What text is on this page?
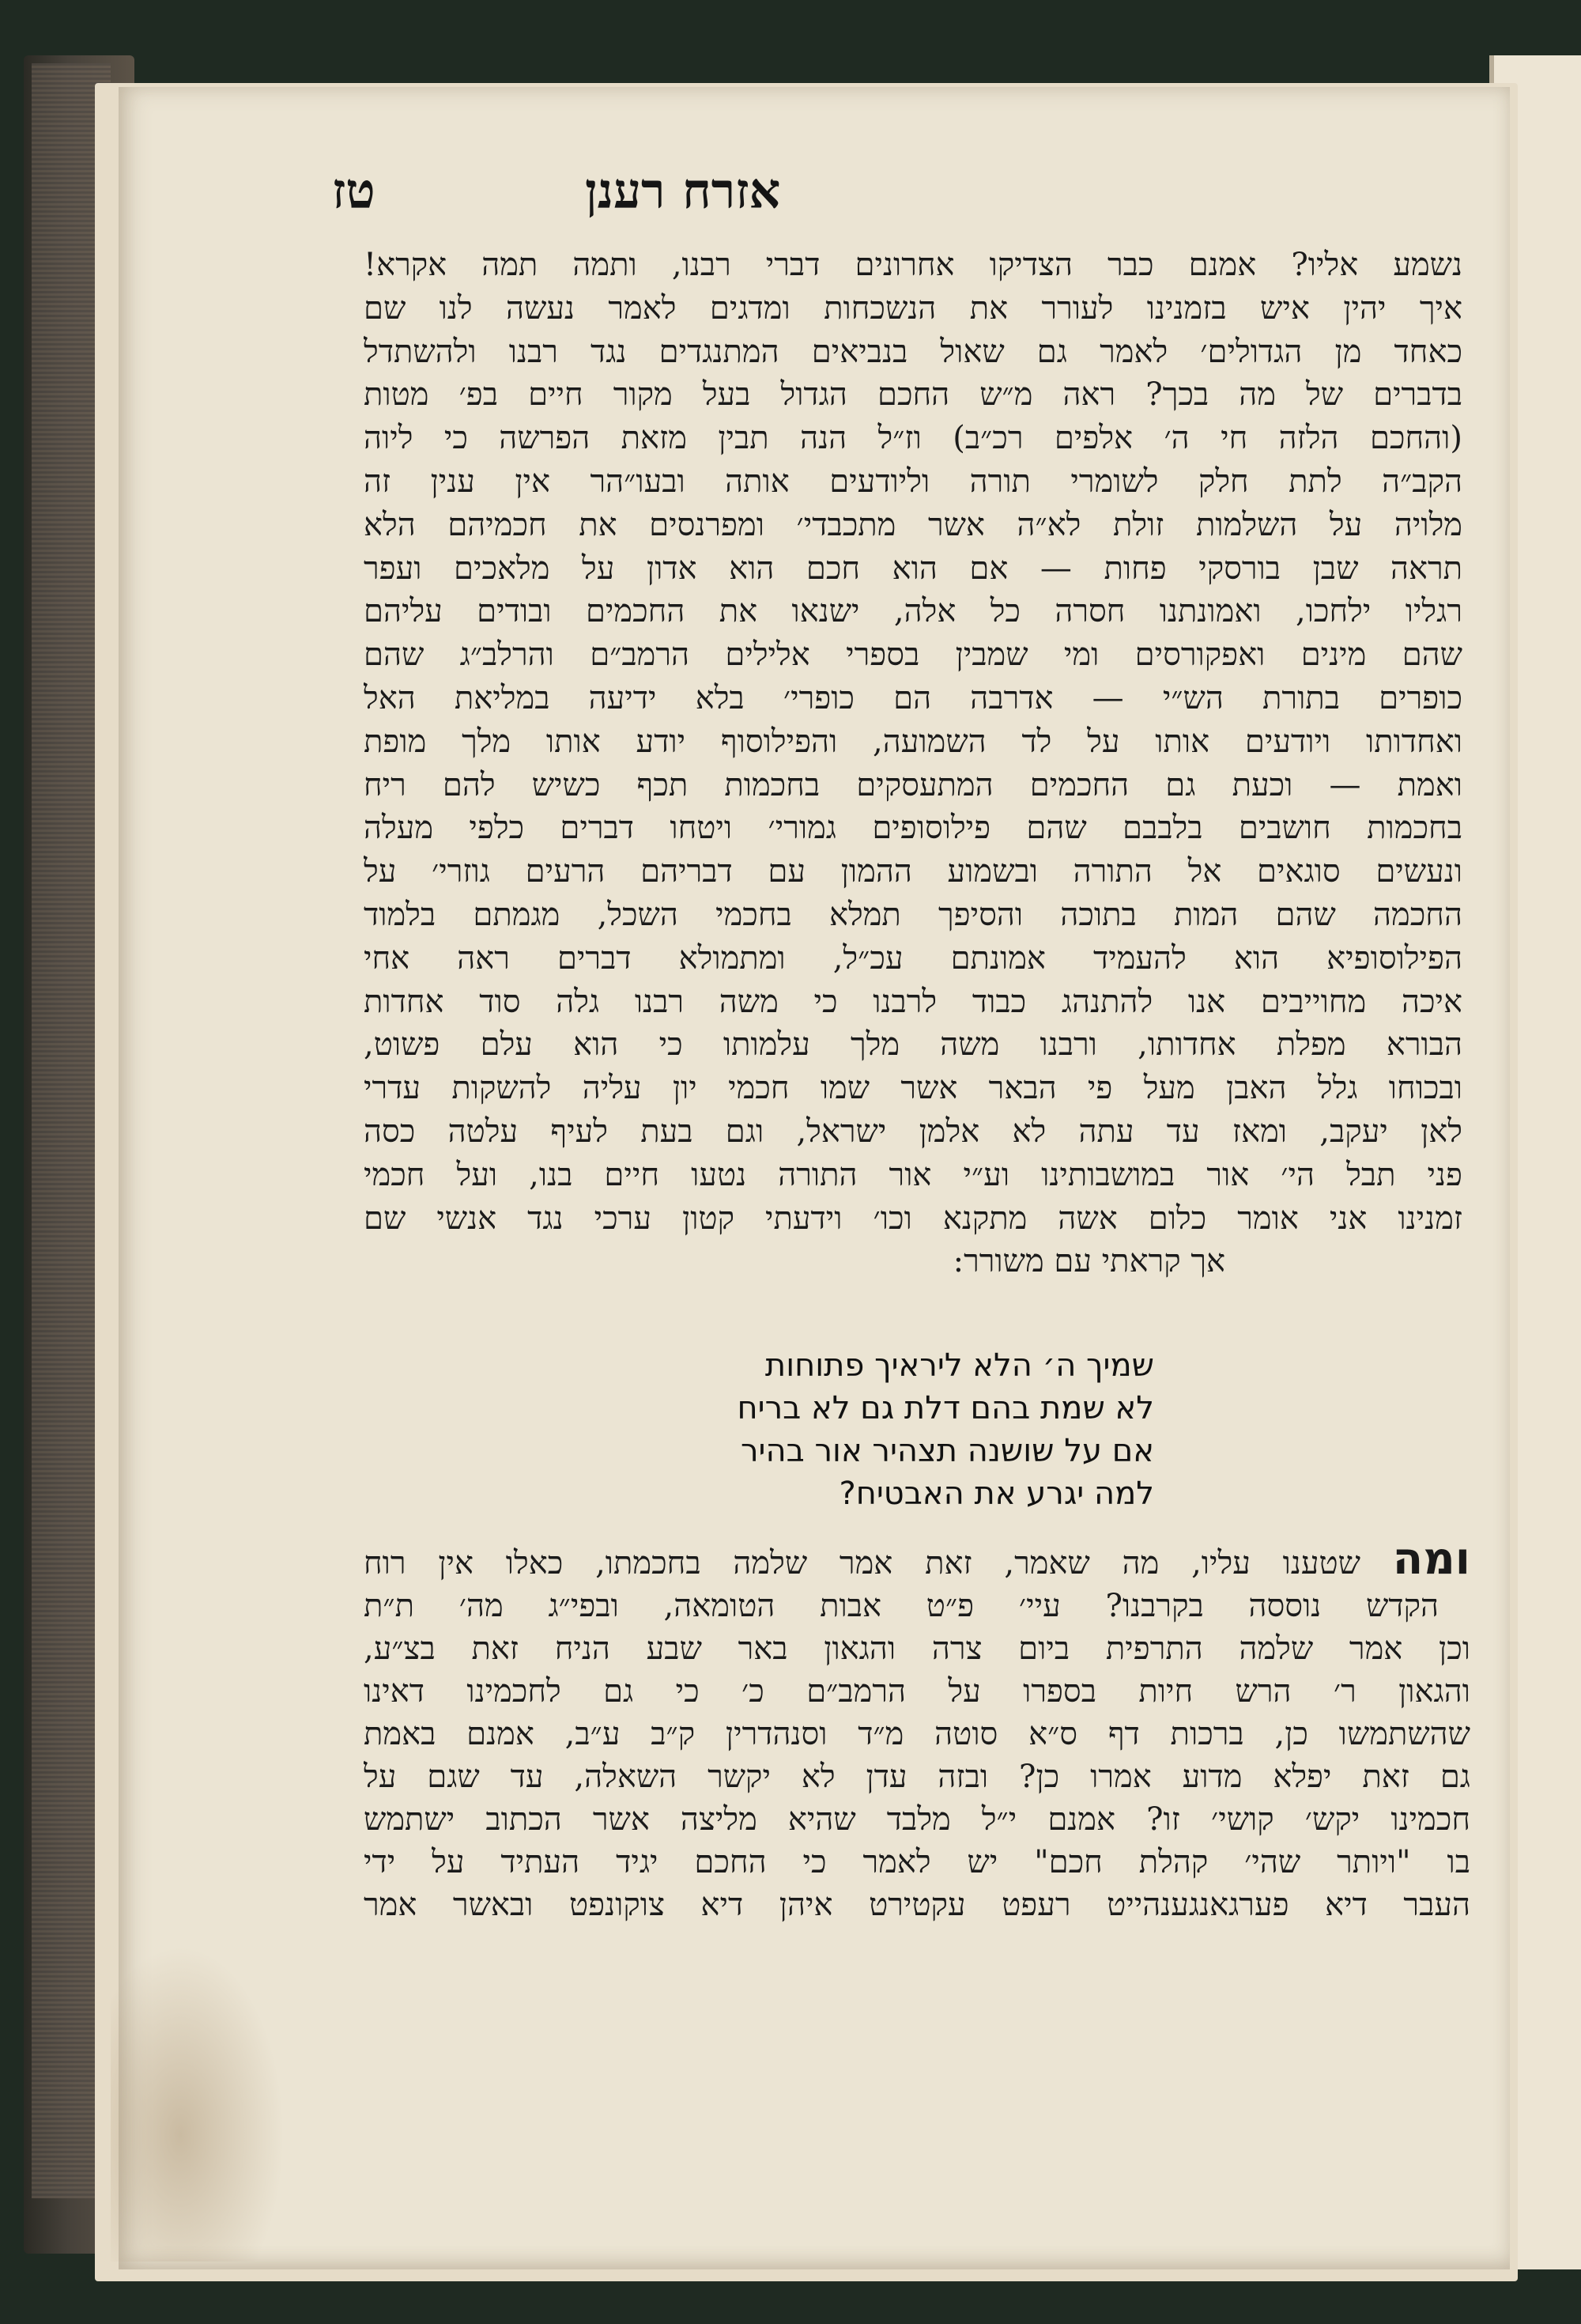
טז	אזרח רענן
נשמע אליו? אמנם כבר הצדיקו אחרונים דברי רבנו, ותמה תמה אקרא!
איך יהין איש בזמנינו לעורר את הנשכחות ומדגים לאמר נעשה לנו שם
כאחד מן הגדולים׳ לאמר גם שאול בנביאים המתנגדים נגד רבנו ולהשתדל
בדברים של מה בכך? ראה מ״ש החכם הגדול בעל מקור חיים בפ׳ מטות
(והחכם הלזה חי ה׳ אלפים רכ״ב) וז״ל הנה תבין מזאת הפרשה כי ליוה
הקב״ה לתת חלק לשומרי תורה וליודעים אותה ובעו״הר אין ענין זה
מלויה על השלמות זולת לא״ה אשר מתכבדי׳ ומפרנסים את חכמיהם הלא
תראה שבן בורסקי פחות — אם הוא חכם הוא אדון על מלאכים ועפר
רגליו ילחכו, ואמונתנו חסרה כל אלה, ישנאו את החכמים ובודים עליהם
שהם מינים ואפקורסים ומי שמבין בספרי אלילים הרמב״ם והרלב״ג שהם
כופרים בתורת הש״י — אדרבה הם כופרי׳ בלא ידיעה במליאת האל
ואחדותו ויודעים אותו על לד השמועה, והפילוסוף יודע אותו מלך מופת
ואמת — וכעת גם החכמים המתעסקים בחכמות תכף כשיש להם ריח
בחכמות חושבים בלבבם שהם פילוסופים גמורי׳ ויטחו דברים כלפי מעלה
ונעשים סוגאים אל התורה ובשמוע ההמון עם דבריהם הרעים גוזרי׳ על
החכמה שהם המות בתוכה והסיפך תמלא בחכמי השכל, מגמתם בלמוד
הפילוסופיא הוא להעמיד אמונתם עכ״ל, ומתמולא דברים ראה אחי
איכה מחוייבים אנו להתנהג כבוד לרבנו כי משה רבנו גלה סוד אחדות
הבורא מפלת אחדותו, ורבנו משה מלך עלמותו כי הוא עלם פשוט,
ובכוחו גלל האבן מעל פי הבאר אשר שמו חכמי יון עליה להשקות עדרי
לאן יעקב, ומאז עד עתה לא אלמן ישראל, וגם בעת לעיף עלטה כסה
פני תבל הי׳ אור במושבותינו וע״י אור התורה נטעו חיים בנו, ועל חכמי
זמנינו אני אומר כלום אשה מתקנא וכו׳ וידעתי קטון ערכי נגד אנשי שם
אך קראתי עם משורר:
שמיך ה׳ הלא ליראיך פתוחות
לא שמת בהם דלת גם לא בריח
אם על שושנה תצהיר אור בהיר
למה יגרע את האבטיח?
ומה שטענו עליו, מה שאמר, זאת אמר שלמה בחכמתו, כאלו אין רוח
הקדש נוססה בקרבנו? עיי׳ פ״ט אבות הטומאה, ובפי״ג מה׳ ת״ת
וכן אמר שלמה התרפית ביום צרה והגאון באר שבע הניח זאת בצ״ע,
והגאון ר׳ הרש חיות בספרו על הרמב״ם כ׳ כי גם לחכמינו דאינו
שהשתמשו כן, ברכות דף ס״א סוטה מ״ד וסנהדרין ק״ב ע״ב, אמנם באמת
גם זאת יפלא מדוע אמרו כן? ובזה עדן לא יקשר השאלה, עד שגם על
חכמינו יקש׳ קושי׳ זו? אמנם י״ל מלבד שהיא מליצה אשר הכתוב ישתמש
בו "ויותר שהי׳ קהלת חכם" יש לאמר כי החכם יגיד העתיד על ידי
העבר דיא פערגאנגענהייט רעפט עקטירט איהן דיא צוקונפט ובאשר אמר
